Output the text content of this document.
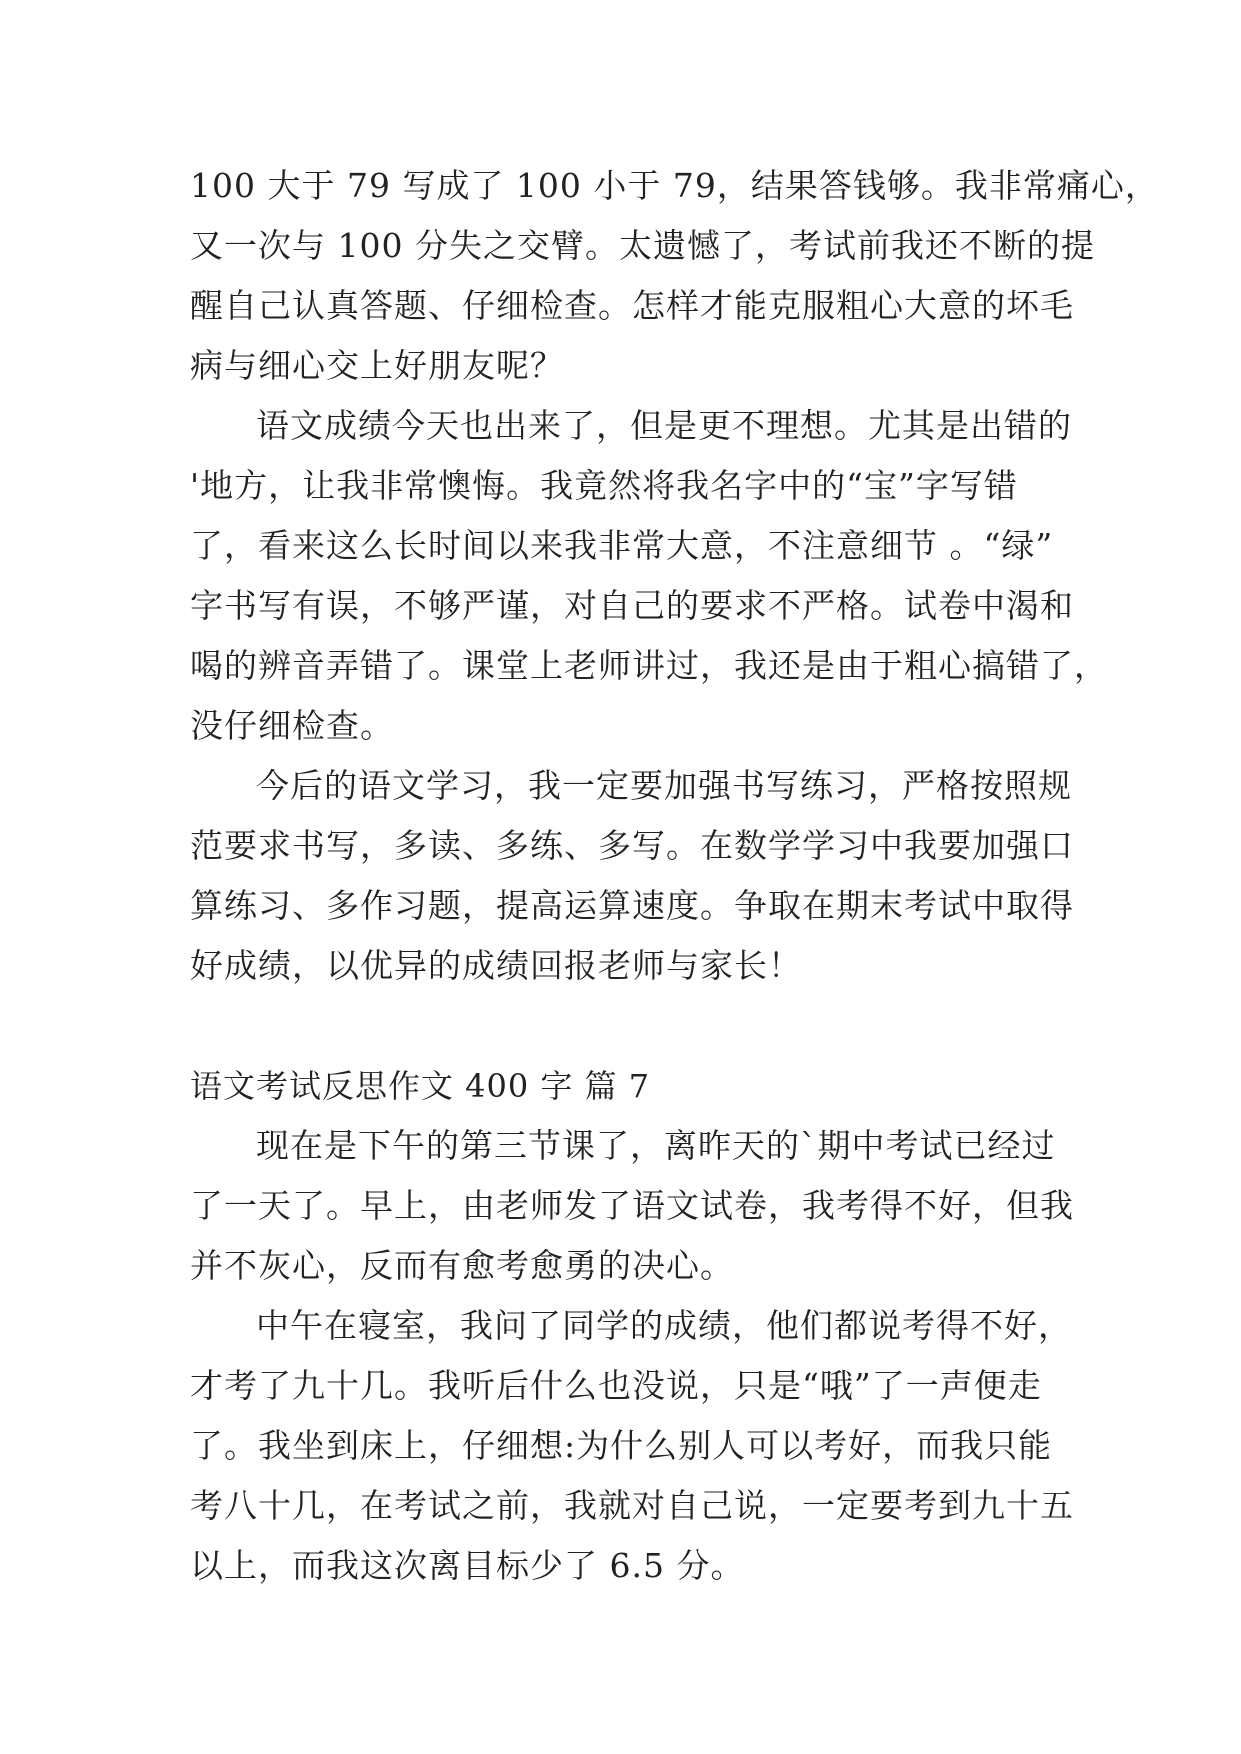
100 大于 79 写成了 100 小于 79，结果答钱够。我非常痛心，
又一次与 100 分失之交臂。太遗憾了，考试前我还不断的提
醒自己认真答题、仔细检查。怎样才能克服粗心大意的坏毛
病与细心交上好朋友呢？
语文成绩今天也出来了，但是更不理想。尤其是出错的
'地方，让我非常懊悔。我竟然将我名字中的“宝”字写错
了，看来这么长时间以来我非常大意，不注意细节 。“绿”
字书写有误，不够严谨，对自己的要求不严格。试卷中渴和
喝的辨音弄错了。课堂上老师讲过，我还是由于粗心搞错了，
没仔细检查。
今后的语文学习，我一定要加强书写练习，严格按照规
范要求书写，多读、多练、多写。在数学学习中我要加强口
算练习、多作习题，提高运算速度。争取在期末考试中取得
好成绩，以优异的成绩回报老师与家长！
语文考试反思作文 400 字 篇 7
现在是下午的第三节课了，离昨天的`期中考试已经过
了一天了。早上，由老师发了语文试卷，我考得不好，但我
并不灰心，反而有愈考愈勇的决心。
中午在寝室，我问了同学的成绩，他们都说考得不好，
才考了九十几。我听后什么也没说，只是“哦”了一声便走
了。我坐到床上，仔细想:为什么别人可以考好，而我只能
考八十几，在考试之前，我就对自己说，一定要考到九十五
以上，而我这次离目标少了 6.5 分。
